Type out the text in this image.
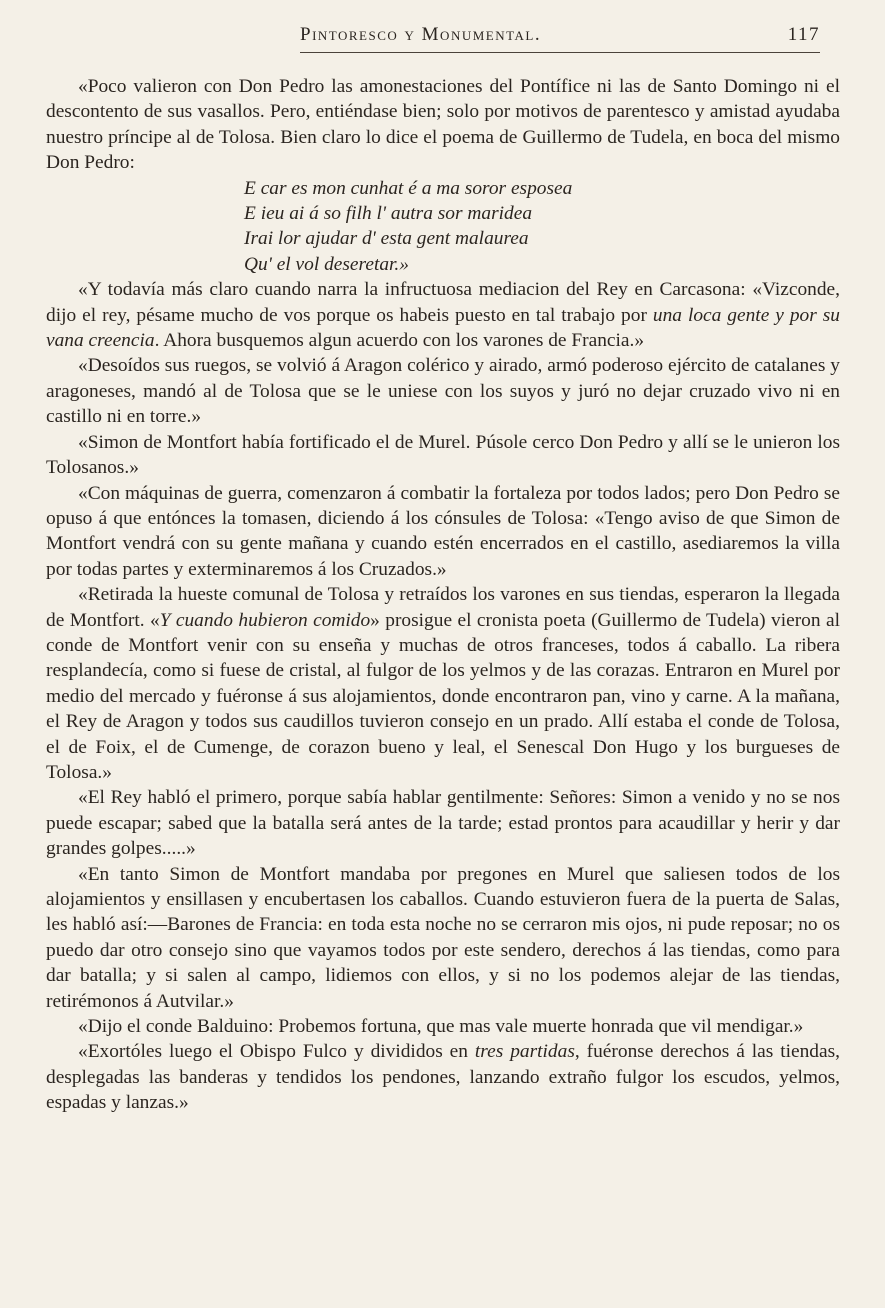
Pintoresco y Monumental.	117

«Poco valieron con Don Pedro las amonestaciones del Pontífice ni las de Santo Domingo ni el descontento de sus vasallos. Pero, entiéndase bien; solo por motivos de parentesco y amistad ayudaba nuestro príncipe al de Tolosa. Bien claro lo dice el poema de Guillermo de Tudela, en boca del mismo Don Pedro:

E car es mon cunhat é a ma soror esposea
E ieu ai á so filh l' autra sor maridea
Irai lor ajudar d' esta gent malaurea
Qu' el vol deseretar.»

«Y todavía más claro cuando narra la infructuosa mediacion del Rey en Carcasona: «Vizconde, dijo el rey, pésame mucho de vos porque os habeis puesto en tal trabajo por una loca gente y por su vana creencia. Ahora busquemos algun acuerdo con los varones de Francia.»

«Desoídos sus ruegos, se volvió á Aragon colérico y airado, armó poderoso ejército de catalanes y aragoneses, mandó al de Tolosa que se le uniese con los suyos y juró no dejar cruzado vivo ni en castillo ni en torre.»

«Simon de Montfort había fortificado el de Murel. Púsole cerco Don Pedro y allí se le unieron los Tolosanos.»

«Con máquinas de guerra, comenzaron á combatir la fortaleza por todos lados; pero Don Pedro se opuso á que entónces la tomasen, diciendo á los cónsules de Tolosa: «Tengo aviso de que Simon de Montfort vendrá con su gente mañana y cuando estén encerrados en el castillo, asediaremos la villa por todas partes y exterminaremos á los Cruzados.»

«Retirada la hueste comunal de Tolosa y retraídos los varones en sus tiendas, esperaron la llegada de Montfort. «Y cuando hubieron comido» prosigue el cronista poeta (Guillermo de Tudela) vieron al conde de Montfort venir con su enseña y muchas de otros franceses, todos á caballo. La ribera resplandecía, como si fuese de cristal, al fulgor de los yelmos y de las corazas. Entraron en Murel por medio del mercado y fuéronse á sus alojamientos, donde encontraron pan, vino y carne. A la mañana, el Rey de Aragon y todos sus caudillos tuvieron consejo en un prado. Allí estaba el conde de Tolosa, el de Foix, el de Cumenge, de corazon bueno y leal, el Senescal Don Hugo y los burgueses de Tolosa.»

«El Rey habló el primero, porque sabía hablar gentilmente: Señores: Simon a venido y no se nos puede escapar; sabed que la batalla será antes de la tarde; estad prontos para acaudillar y herir y dar grandes golpes.....»

«En tanto Simon de Montfort mandaba por pregones en Murel que saliesen todos de los alojamientos y ensillasen y encubertasen los caballos. Cuando estuvieron fuera de la puerta de Salas, les habló así:—Barones de Francia: en toda esta noche no se cerraron mis ojos, ni pude reposar; no os puedo dar otro consejo sino que vayamos todos por este sendero, derechos á las tiendas, como para dar batalla; y si salen al campo, lidiemos con ellos, y si no los podemos alejar de las tiendas, retirémonos á Autvilar.»

«Dijo el conde Balduino: Probemos fortuna, que mas vale muerte honrada que vil mendigar.»

«Exortóles luego el Obispo Fulco y divididos en tres partidas, fuéronse derechos á las tiendas, desplegadas las banderas y tendidos los pendones, lanzando extraño fulgor los escudos, yelmos, espadas y lanzas.»
